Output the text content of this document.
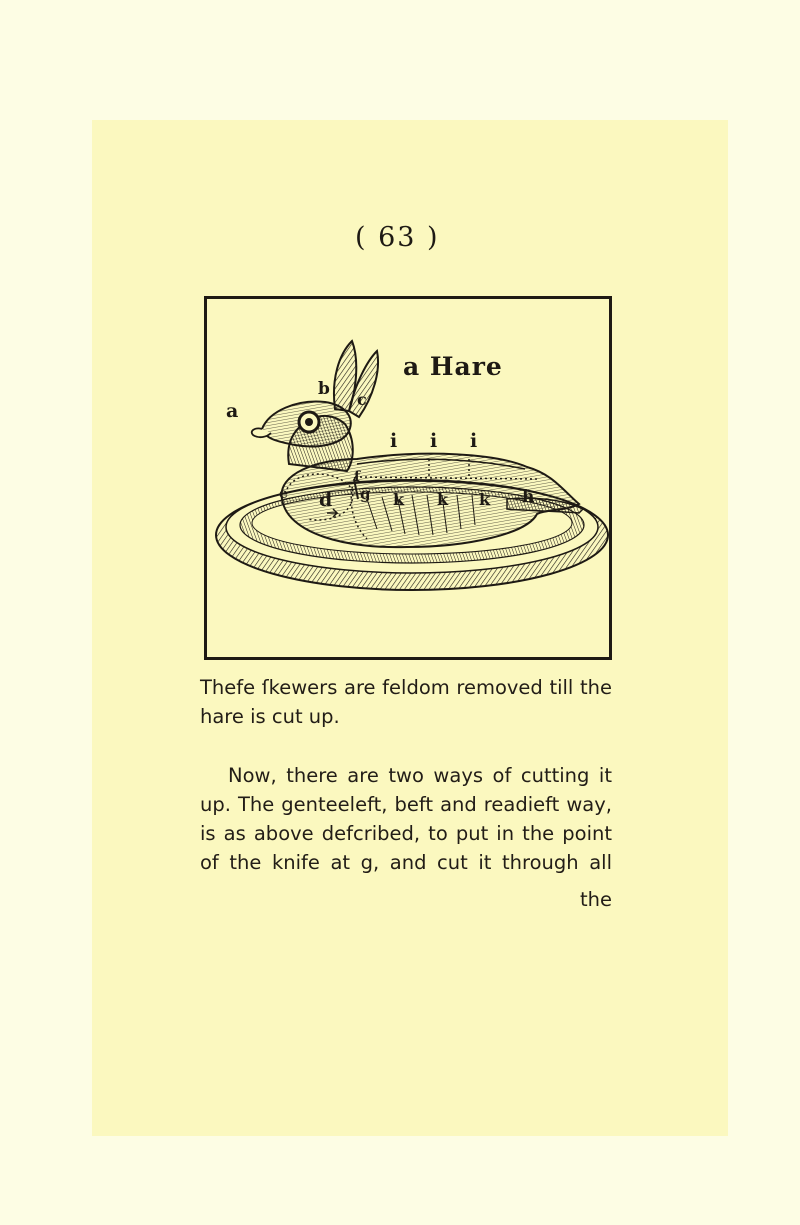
( 63 )
a
b
c
i i i
f
e d g k k k h
a Hare

Thefe ſkewers are feldom removed till the

hare is cut up.

Now, there are two ways of cutting it

up. The genteeleft, beft and readieft way,

is as above defcribed, to put in the point

of the knife at g, and cut it through all

the
